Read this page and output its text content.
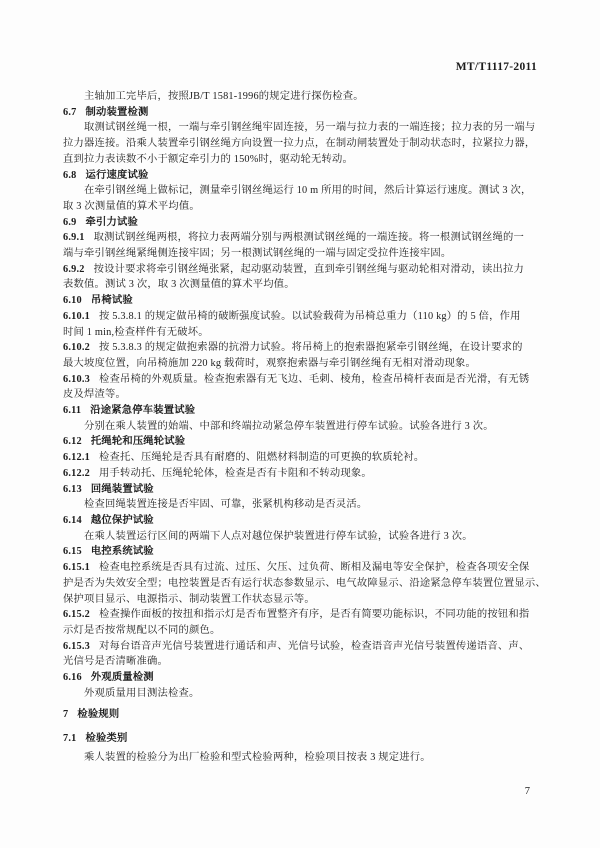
MT/T1117-2011
主轴加工完毕后，按照JB/T 1581-1996的规定进行探伤检查。
6.7 制动装置检测
取测试钢丝绳一根，一端与牵引钢丝绳牢固连接，另一端与拉力表的一端连接；拉力表的另一端与
拉力器连接。沿乘人装置牵引钢丝绳方向设置一拉力点，在制动闸装置处于制动状态时，拉紧拉力器，
直到拉力表读数不小于额定牵引力的 150%时，驱动轮无转动。
6.8 运行速度试验
在牵引钢丝绳上做标记，测量牵引钢丝绳运行 10 m 所用的时间，然后计算运行速度。测试 3 次，
取 3 次测量值的算术平均值。
6.9 牵引力试验
6.9.1 取测试钢丝绳两根，将拉力表两端分别与两根测试钢丝绳的一端连接。将一根测试钢丝绳的一
端与牵引钢丝绳紧绳侧连接牢固；另一根测试钢丝绳的一端与固定受拉件连接牢固。
6.9.2 按设计要求将牵引钢丝绳张紧，起动驱动装置，直到牵引钢丝绳与驱动轮相对滑动，读出拉力
表数值。测试 3 次，取 3 次测量值的算术平均值。
6.10 吊椅试验
6.10.1 按 5.3.8.1 的规定做吊椅的破断强度试验。以试验载荷为吊椅总重力（110 kg）的 5 倍，作用
时间 1 min,检查样件有无破坏。
6.10.2 按 5.3.8.3 的规定做抱索器的抗滑力试验。将吊椅上的抱索器抱紧牵引钢丝绳，在设计要求的
最大坡度位置，向吊椅施加 220 kg 载荷时，观察抱索器与牵引钢丝绳有无相对滑动现象。
6.10.3 检查吊椅的外观质量。检查抱索器有无飞边、毛刺、棱角，检查吊椅杆表面是否光滑，有无锈
皮及焊渣等。
6.11 沿途紧急停车装置试验
分别在乘人装置的始端、中部和终端拉动紧急停车装置进行停车试验。试验各进行 3 次。
6.12 托绳轮和压绳轮试验
6.12.1 检查托、压绳轮是否具有耐磨的、阻燃材料制造的可更换的软质轮衬。
6.12.2 用手转动托、压绳轮轮体，检查是否有卡阻和不转动现象。
6.13 回绳装置试验
检查回绳装置连接是否牢固、可靠，张紧机构移动是否灵活。
6.14 越位保护试验
在乘人装置运行区间的两端下人点对越位保护装置进行停车试验，试验各进行 3 次。
6.15 电控系统试验
6.15.1 检查电控系统是否具有过流、过压、欠压、过负荷、断相及漏电等安全保护，检查各项安全保
护是否为失效安全型；电控装置是否有运行状态参数显示、电气故障显示、沿途紧急停车装置位置显示、
保护项目显示、电源指示、制动装置工作状态显示等。
6.15.2 检查操作面板的按扭和指示灯是否布置整齐有序，是否有简要功能标识，不同功能的按钮和指
示灯是否按常规配以不同的颜色。
6.15.3 对每台语音声光信号装置进行通话和声、光信号试验，检查语音声光信号装置传递语音、声、
光信号是否清晰准确。
6.16 外观质量检测
外观质量用目测法检查。
7 检验规则
7.1 检验类别
乘人装置的检验分为出厂检验和型式检验两种，检验项目按表 3 规定进行。
7
